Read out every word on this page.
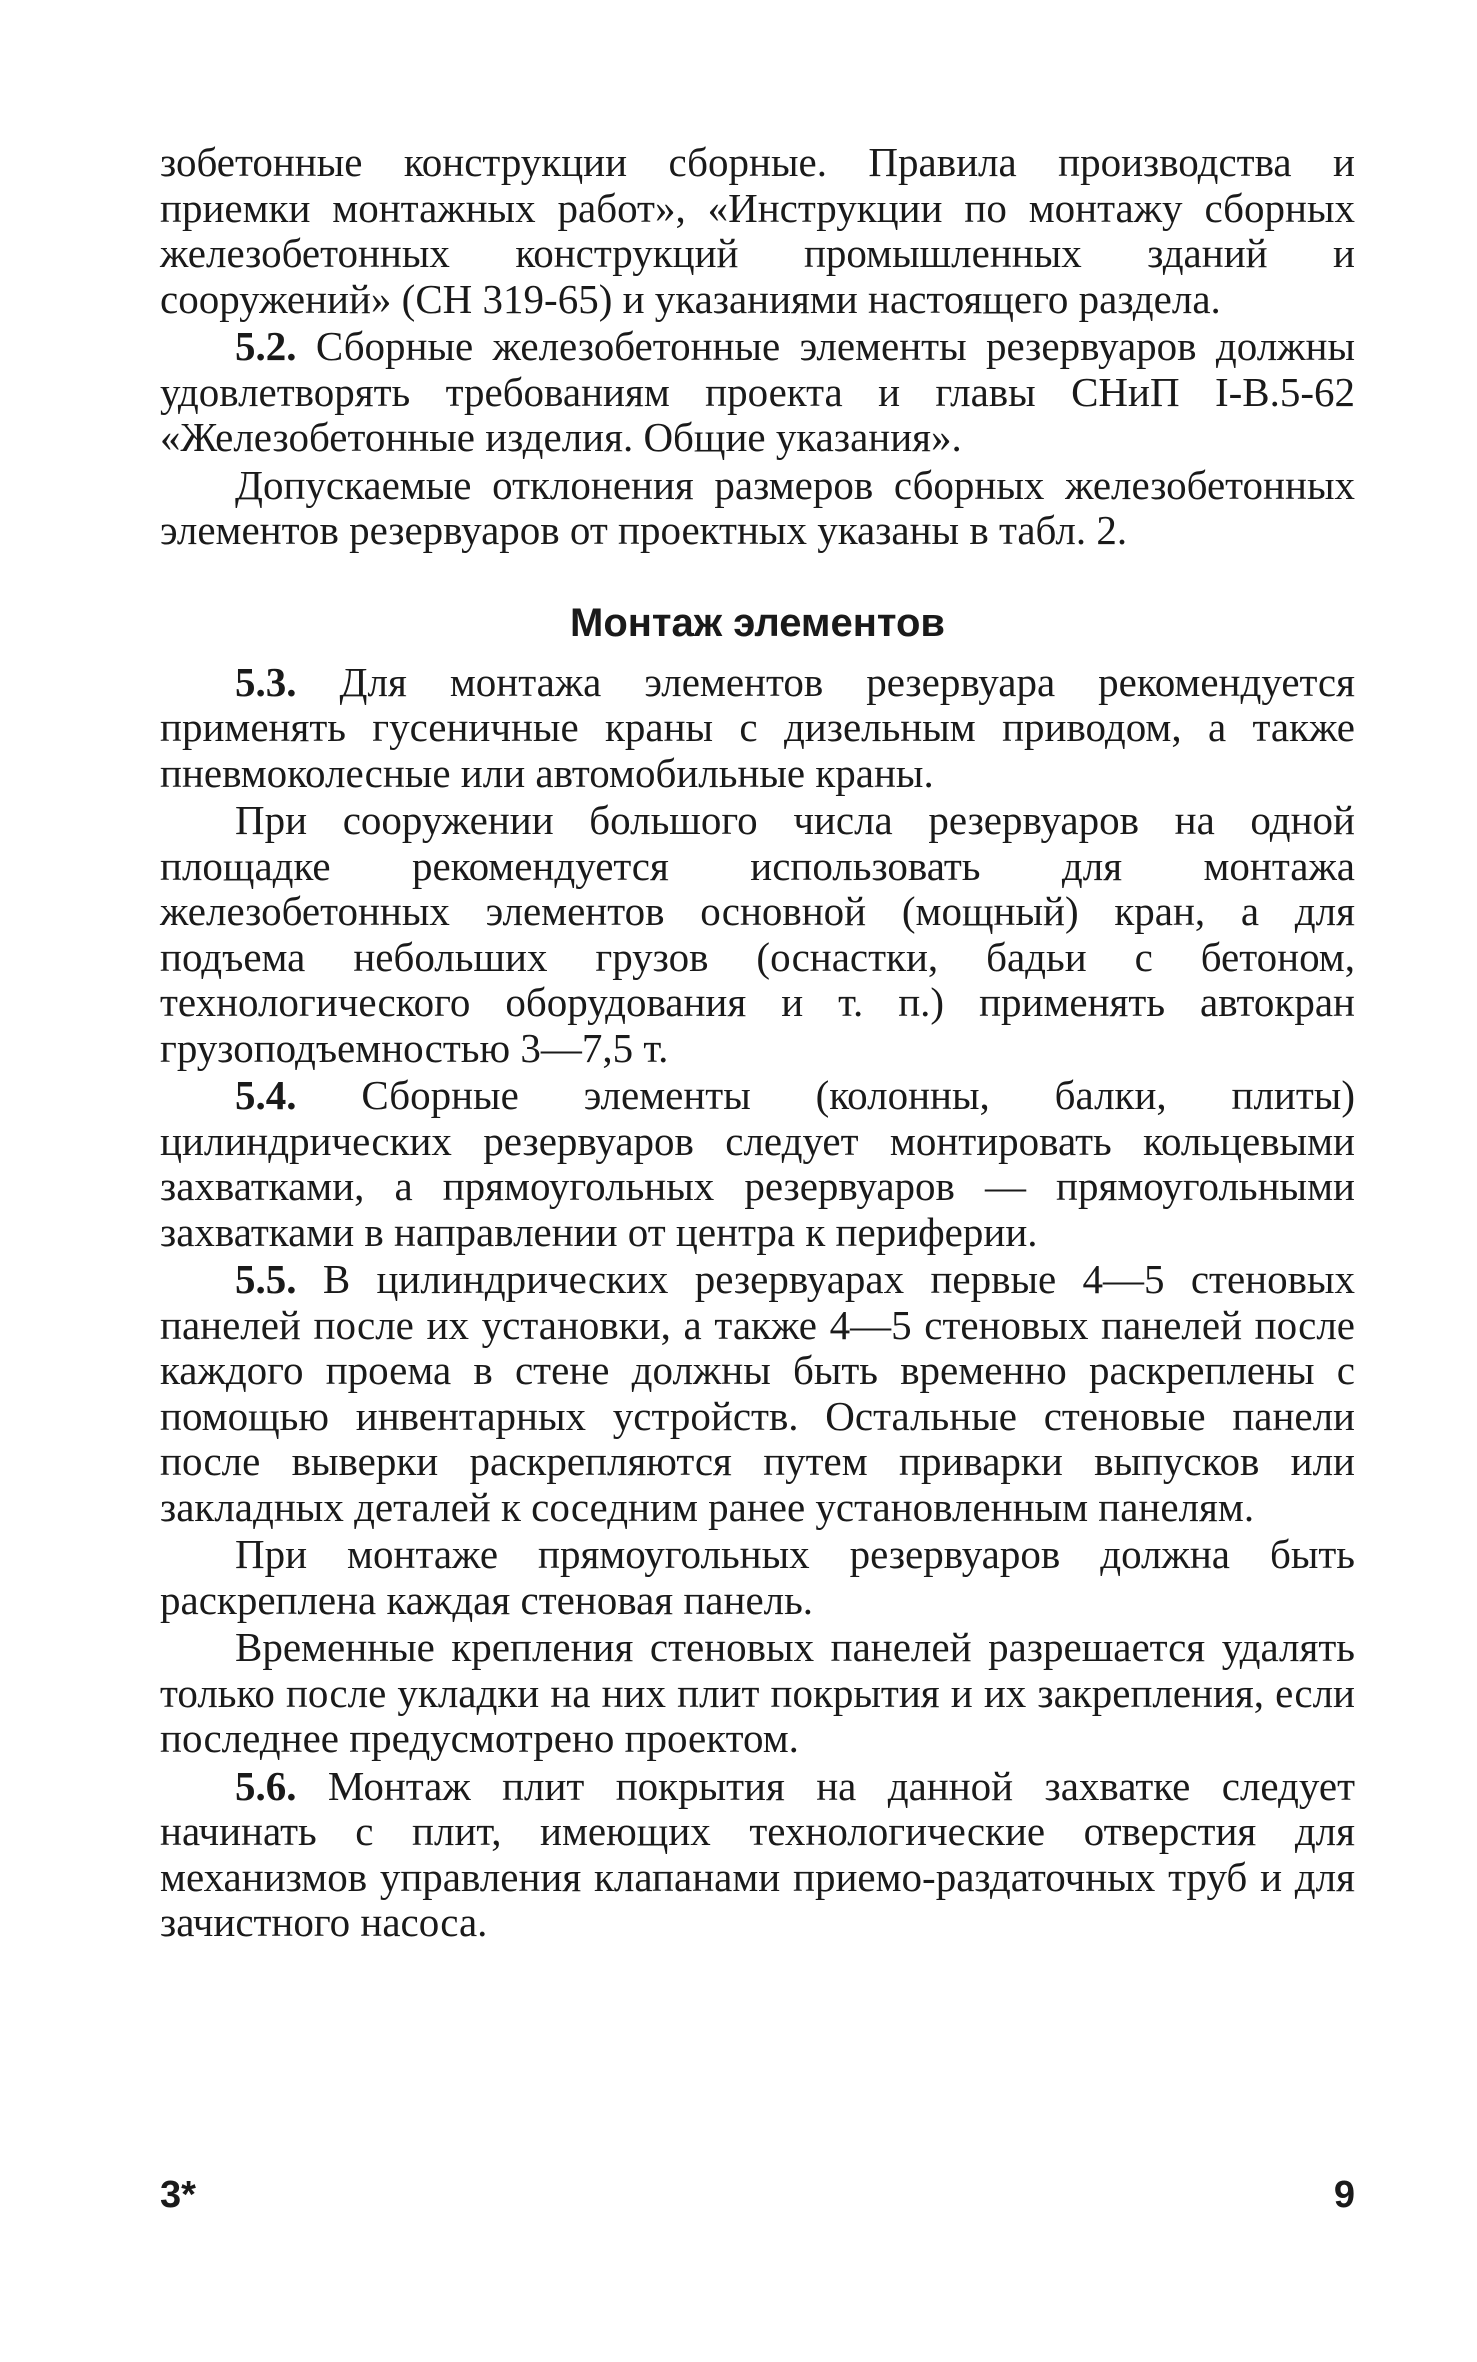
зобетонные конструкции сборные. Правила производства и приемки монтажных работ», «Инструкции по монтажу сборных железобетонных конструкций промышленных зданий и сооружений» (СН 319-65) и указаниями настоящего раздела.

5.2. Сборные железобетонные элементы резервуаров должны удовлетворять требованиям проекта и главы СНиП I-B.5-62 «Железобетонные изделия. Общие указания».

Допускаемые отклонения размеров сборных железобетонных элементов резервуаров от проектных указаны в табл. 2.

Монтаж элементов

5.3. Для монтажа элементов резервуара рекомендуется применять гусеничные краны с дизельным приводом, а также пневмоколесные или автомобильные краны.

При сооружении большого числа резервуаров на одной площадке рекомендуется использовать для монтажа железобетонных элементов основной (мощный) кран, а для подъема небольших грузов (оснастки, бадьи с бетоном, технологического оборудования и т. п.) применять автокран грузоподъемностью 3—7,5 т.

5.4. Сборные элементы (колонны, балки, плиты) цилиндрических резервуаров следует монтировать кольцевыми захватками, а прямоугольных резервуаров — прямоугольными захватками в направлении от центра к периферии.

5.5. В цилиндрических резервуарах первые 4—5 стеновых панелей после их установки, а также 4—5 стеновых панелей после каждого проема в стене должны быть временно раскреплены с помощью инвентарных устройств. Остальные стеновые панели после выверки раскрепляются путем приварки выпусков или закладных деталей к соседним ранее установленным панелям.

При монтаже прямоугольных резервуаров должна быть раскреплена каждая стеновая панель.

Временные крепления стеновых панелей разрешается удалять только после укладки на них плит покрытия и их закрепления, если последнее предусмотрено проектом.

5.6. Монтаж плит покрытия на данной захватке следует начинать с плит, имеющих технологические отверстия для механизмов управления клапанами приемо-раздаточных труб и для зачистного насоса.

3*	9
